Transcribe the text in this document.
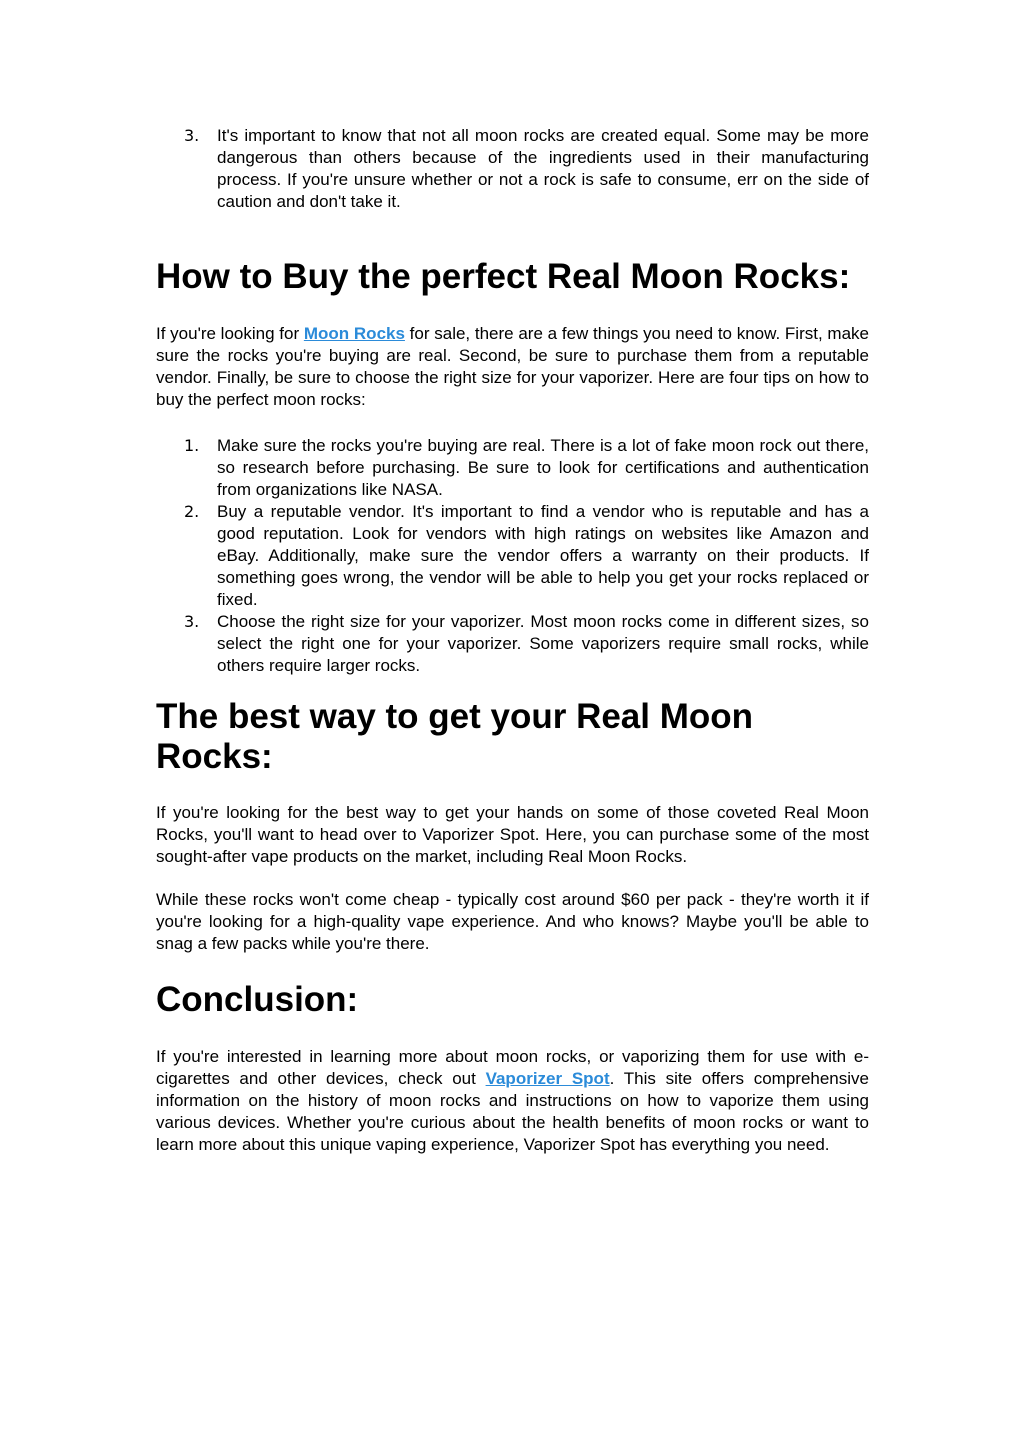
3. It's important to know that not all moon rocks are created equal. Some may be more dangerous than others because of the ingredients used in their manufacturing process. If you're unsure whether or not a rock is safe to consume, err on the side of caution and don't take it.
How to Buy the perfect Real Moon Rocks:

If you're looking for Moon Rocks for sale, there are a few things you need to know. First, make sure the rocks you're buying are real. Second, be sure to purchase them from a reputable vendor. Finally, be sure to choose the right size for your vaporizer. Here are four tips on how to buy the perfect moon rocks:

1. Make sure the rocks you're buying are real. There is a lot of fake moon rock out there, so research before purchasing. Be sure to look for certifications and authentication from organizations like NASA.
2. Buy a reputable vendor. It's important to find a vendor who is reputable and has a good reputation. Look for vendors with high ratings on websites like Amazon and eBay. Additionally, make sure the vendor offers a warranty on their products. If something goes wrong, the vendor will be able to help you get your rocks replaced or fixed.
3. Choose the right size for your vaporizer. Most moon rocks come in different sizes, so select the right one for your vaporizer. Some vaporizers require small rocks, while others require larger rocks.
The best way to get your Real Moon Rocks:

If you're looking for the best way to get your hands on some of those coveted Real Moon Rocks, you'll want to head over to Vaporizer Spot. Here, you can purchase some of the most sought-after vape products on the market, including Real Moon Rocks.

While these rocks won't come cheap - typically cost around $60 per pack - they're worth it if you're looking for a high-quality vape experience. And who knows? Maybe you'll be able to snag a few packs while you're there.

Conclusion:

If you're interested in learning more about moon rocks, or vaporizing them for use with e-cigarettes and other devices, check out Vaporizer Spot. This site offers comprehensive information on the history of moon rocks and instructions on how to vaporize them using various devices. Whether you're curious about the health benefits of moon rocks or want to learn more about this unique vaping experience, Vaporizer Spot has everything you need.
